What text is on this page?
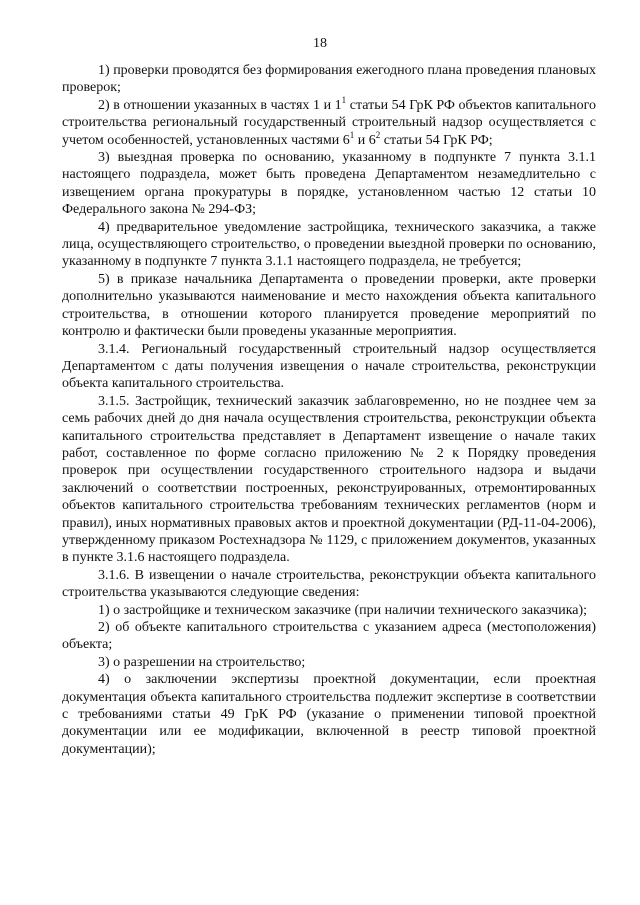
18

1) проверки проводятся без формирования ежегодного плана проведения плановых проверок;

2) в отношении указанных в частях 1 и $1^1$ статьи 54 ГрК РФ объектов капитального строительства региональный государственный строительный надзор осуществляется с учетом особенностей, установленных частями $6^1$ и $6^2$ статьи 54 ГрК РФ;

3) выездная проверка по основанию, указанному в подпункте 7 пункта 3.1.1 настоящего подраздела, может быть проведена Департаментом незамедлительно с извещением органа прокуратуры в порядке, установленном частью 12 статьи 10 Федерального закона № 294-ФЗ;

4) предварительное уведомление застройщика, технического заказчика, а также лица, осуществляющего строительство, о проведении выездной проверки по основанию, указанному в подпункте 7 пункта 3.1.1 настоящего подраздела, не требуется;

5) в приказе начальника Департамента о проведении проверки, акте проверки дополнительно указываются наименование и место нахождения объекта капитального строительства, в отношении которого планируется проведение мероприятий по контролю и фактически были проведены указанные мероприятия.

3.1.4. Региональный государственный строительный надзор осуществляется Департаментом с даты получения извещения о начале строительства, реконструкции объекта капитального строительства.

3.1.5. Застройщик, технический заказчик заблаговременно, но не позднее чем за семь рабочих дней до дня начала осуществления строительства, реконструкции объекта капитального строительства представляет в Департамент извещение о начале таких работ, составленное по форме согласно приложению № 2 к Порядку проведения проверок при осуществлении государственного строительного надзора и выдачи заключений о соответствии построенных, реконструированных, отремонтированных объектов капитального строительства требованиям технических регламентов (норм и правил), иных нормативных правовых актов и проектной документации (РД-11-04-2006), утвержденному приказом Ростехнадзора № 1129, с приложением документов, указанных в пункте 3.1.6 настоящего подраздела.

3.1.6. В извещении о начале строительства, реконструкции объекта капитального строительства указываются следующие сведения:

1) о застройщике и техническом заказчике (при наличии технического заказчика);

2) об объекте капитального строительства с указанием адреса (местоположения) объекта;

3) о разрешении на строительство;

4) о заключении экспертизы проектной документации, если проектная документация объекта капитального строительства подлежит экспертизе в соответствии с требованиями статьи 49 ГрК РФ (указание о применении типовой проектной документации или ее модификации, включенной в реестр типовой проектной документации);
